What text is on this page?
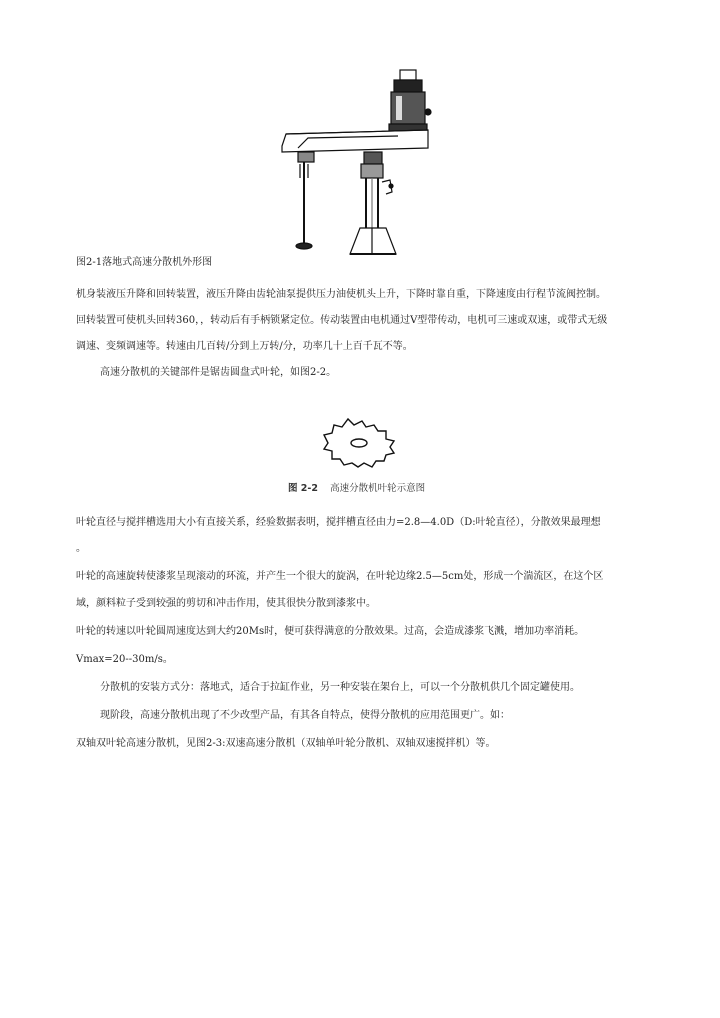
图2-1落地式高速分散机外形图
机身装液压升降和回转装置，液压升降由齿轮油泵提供压力油使机头上升，下降时靠自重，下降速度由行程节流阀控制。
回转装置可使机头回转360，，转动后有手柄锁紧定位。传动装置由电机通过V型带传动，电机可三速或双速，或带式无级
调速、变频调速等。转速由几百转/分到上万转/分，功率几十上百千瓦不等。
高速分散机的关键部件是锯齿圆盘式叶轮，如图2-2。
图 2-2 高速分散机叶轮示意图
叶轮直径与搅拌槽选用大小有直接关系，经验数据表明，搅拌槽直径由力=2.8—4.0D（D:叶轮直径），分散效果最理想
。
叶轮的高速旋转使漆浆呈现滚动的环流，并产生一个很大的旋涡，在叶轮边缘2.5—5cm处，形成一个湍流区，在这个区
域，颜料粒子受到较强的剪切和冲击作用，使其很快分散到漆浆中。
叶轮的转速以叶轮圆周速度达到大约20Ms时，便可获得满意的分散效果。过高，会造成漆浆飞溅，增加功率消耗。
Vmax=20--30m/s。
分散机的安装方式分：落地式，适合于拉缸作业，另一种安装在架台上，可以一个分散机供几个固定罐使用。
现阶段，高速分散机出现了不少改型产品，有其各自特点，使得分散机的应用范围更广。如：
双轴双叶轮高速分散机，见图2-3:双速高速分散机（双轴单叶轮分散机、双轴双速搅拌机）等。
